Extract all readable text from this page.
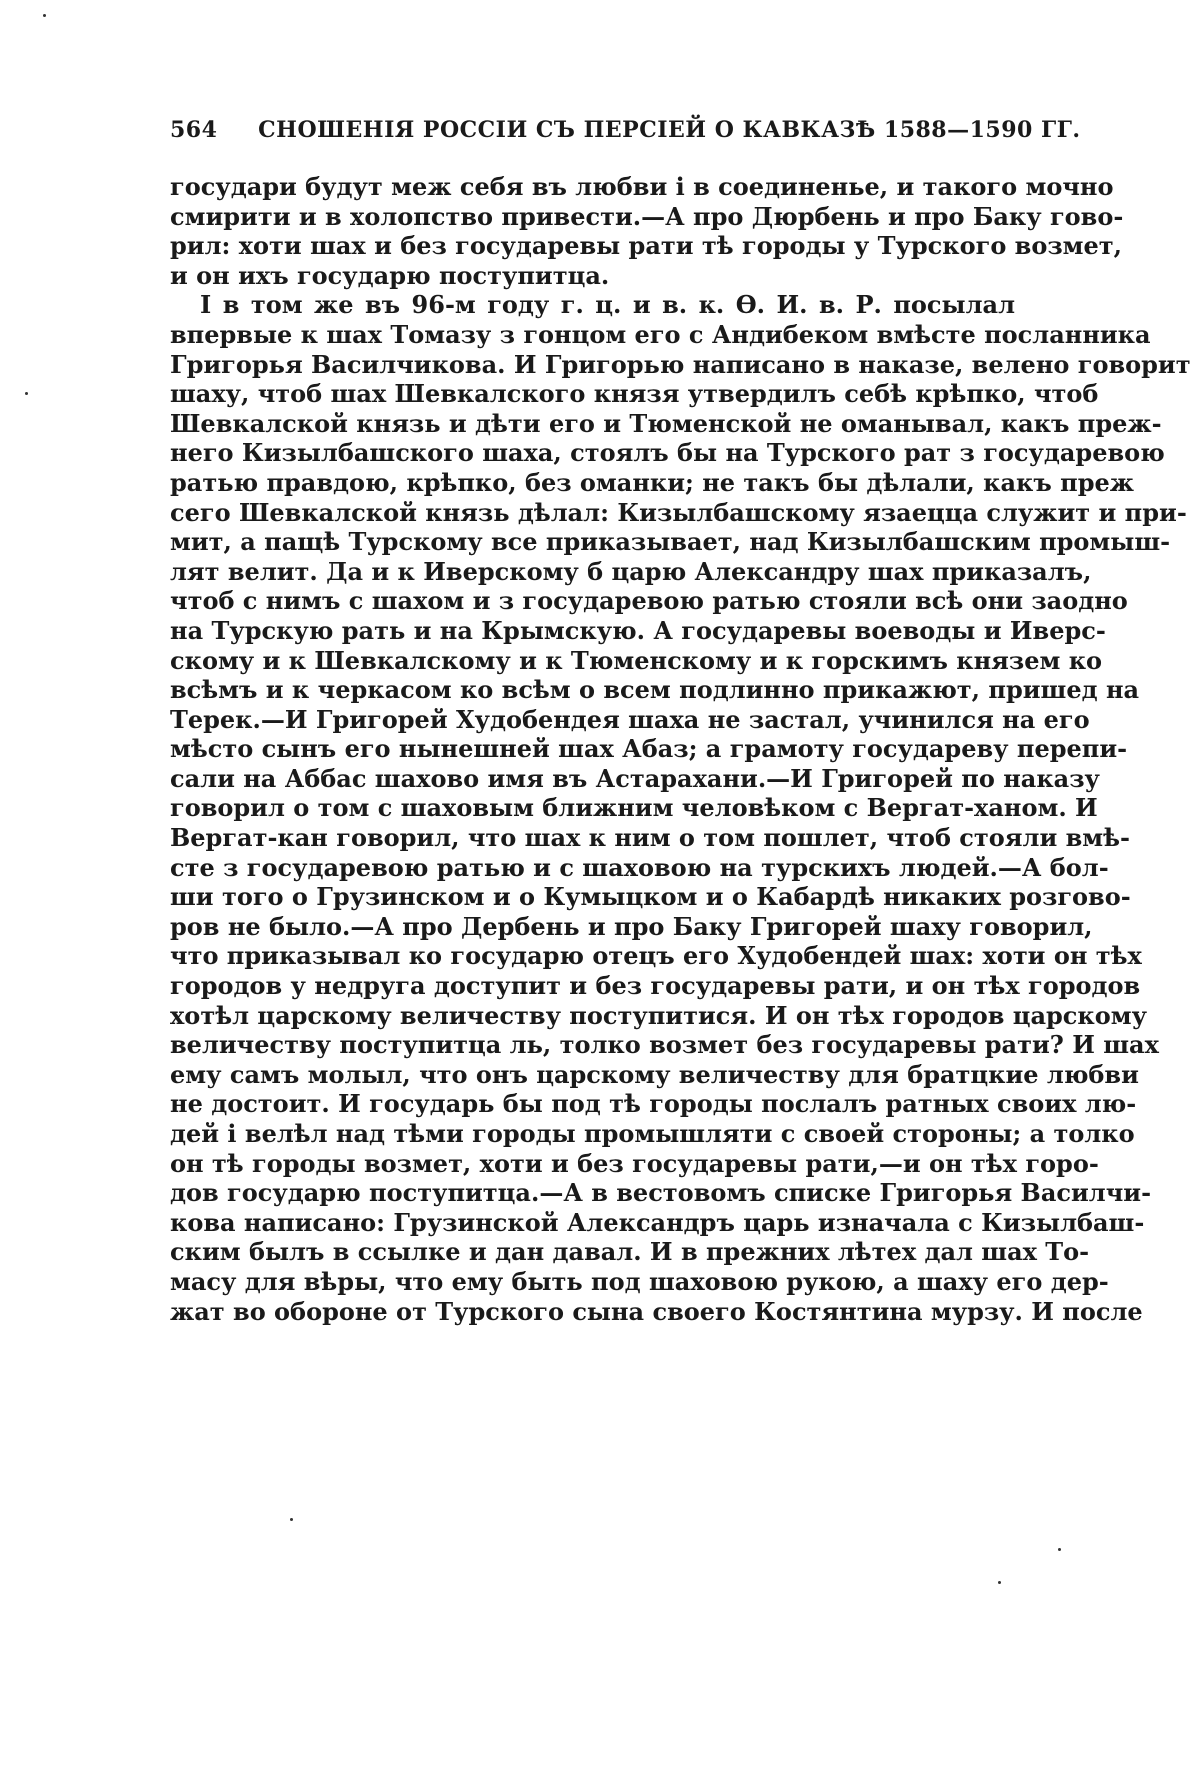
564 СНОШЕНІЯ РОССІИ СЪ ПЕРСІЕЙ О КАВКАЗѢ 1588—1590 ГГ.
государи будут меж себя въ любви і в соединенье, и такого мочно
смирити и в холопство привести.—А про Дюрбень и про Баку гово-
рил: хоти шах и без государевы рати тѣ городы у Турского возмет,
и он ихъ государю поступитца.
І в том же въ 96-м году г. ц. и в. к. Ѳ. И. в. Р. посылал
впервые к шах Томазу з гонцом его с Андибеком вмѣсте посланника
Григорья Василчикова. И Григорью написано в наказе, велено говорит
шаху, чтоб шах Шевкалского князя утвердилъ себѣ крѣпко, чтоб
Шевкалской князь и дѣти его и Тюменской не оманывал, какъ преж-
него Кизылбашского шаха, стоялъ бы на Турского рат з государевою
ратью правдою, крѣпко, без оманки; не такъ бы дѣлали, какъ преж
сего Шевкалской князь дѣлал: Кизылбашскому язаецца служит и при-
мит, а пащѣ Турскому все приказывает, над Кизылбашским промыш-
лят велит. Да и к Иверскому б царю Александру шах приказалъ,
чтоб с нимъ с шахом и з государевою ратью стояли вcѣ они заодно
на Турскую рать и на Крымскую. А государевы воеводы и Иверс-
скому и к Шевкалскому и к Тюменскому и к горскимъ князем ко
всѣмъ и к черкасом ко всѣм о всем подлинно прикажют, пришед на
Терек.—И Григорей Худобендея шаха не застал, учинился на его
мѣсто сынъ его нынешней шах Абаз; а грамоту государеву перепи-
сали на Аббас шахово имя въ Астарахани.—И Григорей по наказу
говорил о том с шаховым ближним человѣком с Вергат-ханом. И
Вергат-кан говорил, что шах к ним о том пошлет, чтоб стояли вмѣ-
сте з государевою ратью и с шаховою на турскихъ людей.—А бол-
ши того о Грузинском и о Кумыцком и о Кабардѣ никаких розгово-
ров не было.—А про Дербень и про Баку Григорей шаху говорил,
что приказывал ко государю отецъ его Худобендей шах: хоти он тѣх
городов у недруга доступит и без государевы рати, и он тѣх городов
хотѣл царскому величеству поступитися. И он тѣх городов царскому
величеству поступитца ль, толко возмет без государевы рати? И шах
ему самъ молыл, что онъ царскому величеству для братцкие любви
не достоит. И государь бы под тѣ городы послалъ ратных своих лю-
дей і велѣл над тѣми городы промышляти с своей стороны; а толко
он тѣ городы возмет, хоти и без государевы рати,—и он тѣх горо-
дов государю поступитца.—А в вестовомъ списке Григорья Василчи-
кова написано: Грузинской Александръ царь изначала с Кизылбаш-
ским былъ в ссылке и дан давал. И в прежних лѣтех дал шах То-
масу для вѣры, что ему быть под шаховою рукою, а шаху его дер-
жат во обороне от Турского сына своего Костянтина мурзу. И после
